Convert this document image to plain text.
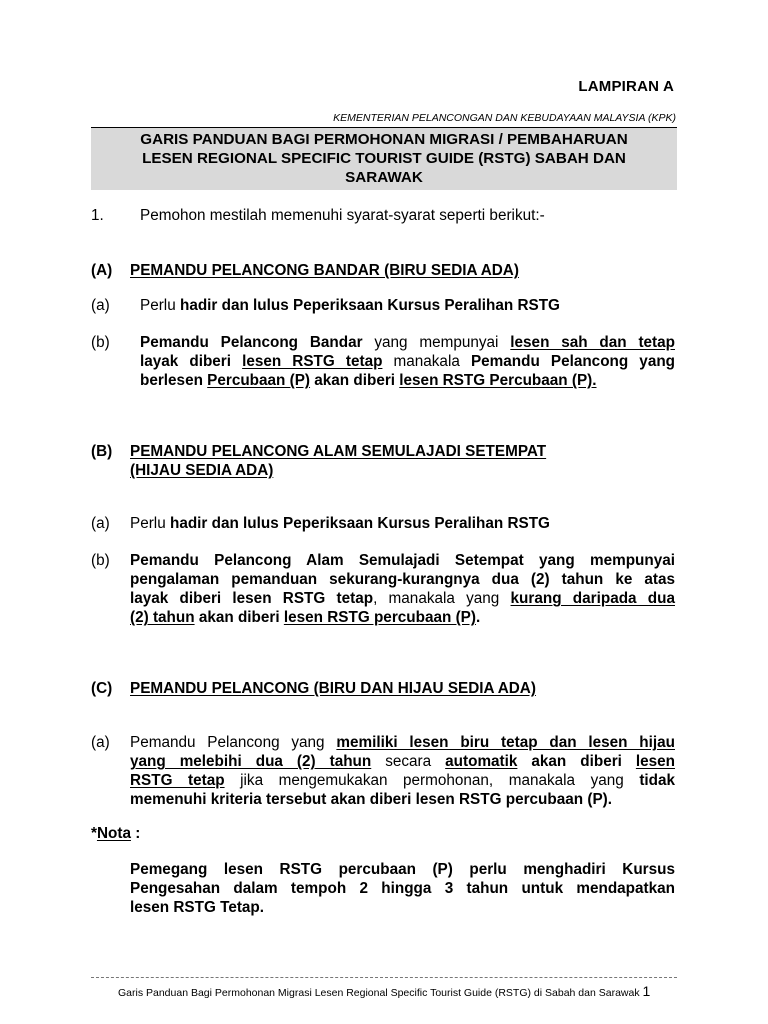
LAMPIRAN A
KEMENTERIAN PELANCONGAN DAN KEBUDAYAAN MALAYSIA (KPK)
GARIS PANDUAN BAGI PERMOHONAN MIGRASI / PEMBAHARUAN
LESEN REGIONAL SPECIFIC TOURIST GUIDE (RSTG) SABAH DAN
SARAWAK
1. Pemohon mestilah memenuhi syarat-syarat seperti berikut:-
(A) PEMANDU PELANCONG BANDAR (BIRU SEDIA ADA)
(a) Perlu hadir dan lulus Peperiksaan Kursus Peralihan RSTG
(b) Pemandu Pelancong Bandar yang mempunyai lesen sah dan tetap
layak diberi lesen RSTG tetap manakala Pemandu Pelancong yang
berlesen Percubaan (P) akan diberi lesen RSTG Percubaan (P).
(B) PEMANDU PELANCONG ALAM SEMULAJADI SETEMPAT
(HIJAU SEDIA ADA)
(a) Perlu hadir dan lulus Peperiksaan Kursus Peralihan RSTG
(b) Pemandu Pelancong Alam Semulajadi Setempat yang mempunyai
pengalaman pemanduan sekurang-kurangnya dua (2) tahun ke atas
layak diberi lesen RSTG tetap, manakala yang kurang daripada dua
(2) tahun akan diberi lesen RSTG percubaan (P).
(C) PEMANDU PELANCONG (BIRU DAN HIJAU SEDIA ADA)
(a) Pemandu Pelancong yang memiliki lesen biru tetap dan lesen hijau
yang melebihi dua (2) tahun secara automatik akan diberi lesen
RSTG tetap jika mengemukakan permohonan, manakala yang tidak
memenuhi kriteria tersebut akan diberi lesen RSTG percubaan (P).
*Nota :
Pemegang lesen RSTG percubaan (P) perlu menghadiri Kursus
Pengesahan dalam tempoh 2 hingga 3 tahun untuk mendapatkan
lesen RSTG Tetap.
Garis Panduan Bagi Permohonan Migrasi Lesen Regional Specific Tourist Guide (RSTG) di Sabah dan Sarawak 1
